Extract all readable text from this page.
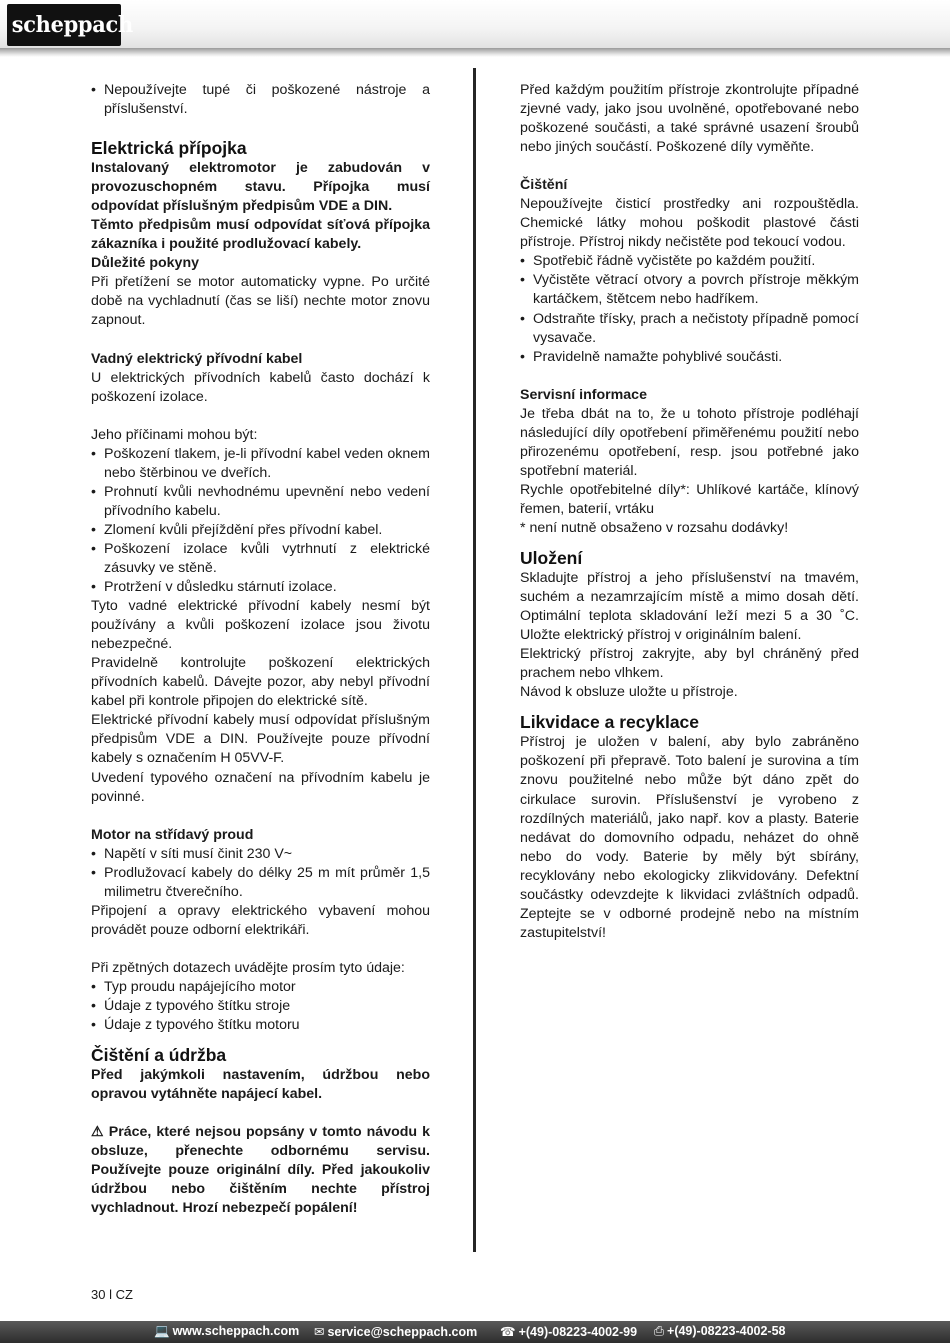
scheppach
• Nepoužívejte tupé či poškozené nástroje a příslušenství.
Elektrická přípojka

Instalovaný elektromotor je zabudován v provozuschopném stavu. Přípojka musí odpovídat příslušným předpisům VDE a DIN.

Těmto předpisům musí odpovídat síťová přípojka zákazníka i použité prodlužovací kabely.

Důležité pokyny

Při přetížení se motor automaticky vypne. Po určité době na vychladnutí (čas se liší) nechte motor znovu zapnout.

Vadný elektrický přívodní kabel

U elektrických přívodních kabelů často dochází k poškození izolace.

Jeho příčinami mohou být:

• Poškození tlakem, je-li přívodní kabel veden oknem nebo štěrbinou ve dveřích.
• Prohnutí kvůli nevhodnému upevnění nebo vedení přívodního kabelu.
• Zlomení kvůli přejíždění přes přívodní kabel.
• Poškození izolace kvůli vytrhnutí z elektrické zásuvky ve stěně.
• Protržení v důsledku stárnutí izolace.

Tyto vadné elektrické přívodní kabely nesmí být používány a kvůli poškození izolace jsou životu nebezpečné.

Pravidelně kontrolujte poškození elektrických přívodních kabelů. Dávejte pozor, aby nebyl přívodní kabel při kontrole připojen do elektrické sítě.

Elektrické přívodní kabely musí odpovídat příslušným předpisům VDE a DIN. Používejte pouze přívodní kabely s označením H 05VV-F.

Uvedení typového označení na přívodním kabelu je povinné.

Motor na střídavý proud

• Napětí v síti musí činit 230 V~
• Prodlužovací kabely do délky 25 m mít průměr 1,5 milimetru čtverečního.

Připojení a opravy elektrického vybavení mohou provádět pouze odborní elektrikáři.

Při zpětných dotazech uvádějte prosím tyto údaje:

• Typ proudu napájejícího motor
• Údaje z typového štítku stroje
• Údaje z typového štítku motoru
Čištění a údržba

Před jakýmkoli nastavením, údržbou nebo opravou vytáhněte napájecí kabel.

⚠ Práce, které nejsou popsány v tomto návodu k obsluze, přenechte odbornému servisu. Používejte pouze originální díly. Před jakoukoliv údržbou nebo čištěním nechte přístroj vychladnout. Hrozí nebezpečí popálení!

Před každým použitím přístroje zkontrolujte případné zjevné vady, jako jsou uvolněné, opotřebované nebo poškozené součásti, a také správné usazení šroubů nebo jiných součástí. Poškozené díly vyměňte.

Čištění

Nepoužívejte čisticí prostředky ani rozpouštědla. Chemické látky mohou poškodit plastové části přístroje. Přístroj nikdy nečistěte pod tekoucí vodou.

• Spotřebič řádně vyčistěte po každém použití.
• Vyčistěte větrací otvory a povrch přístroje měkkým kartáčkem, štětcem nebo hadříkem.
• Odstraňte třísky, prach a nečistoty případně pomocí vysavače.
• Pravidelně namažte pohyblivé součásti.

Servisní informace

Je třeba dbát na to, že u tohoto přístroje podléhají následující díly opotřebení přiměřenému použití nebo přirozenému opotřebení, resp. jsou potřebné jako spotřební materiál.

Rychle opotřebitelné díly*: Uhlíkové kartáče, klínový řemen, baterií, vrtáku

* není nutně obsaženo v rozsahu dodávky!

Uložení

Skladujte přístroj a jeho příslušenství na tmavém, suchém a nezamrzajícím místě a mimo dosah dětí. Optimální teplota skladování leží mezi 5 a 30 ˚C. Uložte elektrický přístroj v originálním balení.

Elektrický přístroj zakryjte, aby byl chráněný před prachem nebo vlhkem.

Návod k obsluze uložte u přístroje.

Likvidace a recyklace

Přístroj je uložen v balení, aby bylo zabráněno poškození při přepravě. Toto balení je surovina a tím znovu použitelné nebo může být dáno zpět do cirkulace surovin. Příslušenství je vyrobeno z rozdílných materiálů, jako např. kov a plasty. Baterie nedávat do domovního odpadu, neházet do ohně nebo do vody. Baterie by měly být sbírány, recyklovány nebo ekologicky zlikvidovány. Defektní součástky odevzdejte k likvidaci zvláštních odpadů. Zeptejte se v odborné prodejně nebo na místním zastupitelství!

30 l CZ
💻 www.scheppach.com ✉ service@scheppach.com ☎ +(49)-08223-4002-99 ⎙ +(49)-08223-4002-58
